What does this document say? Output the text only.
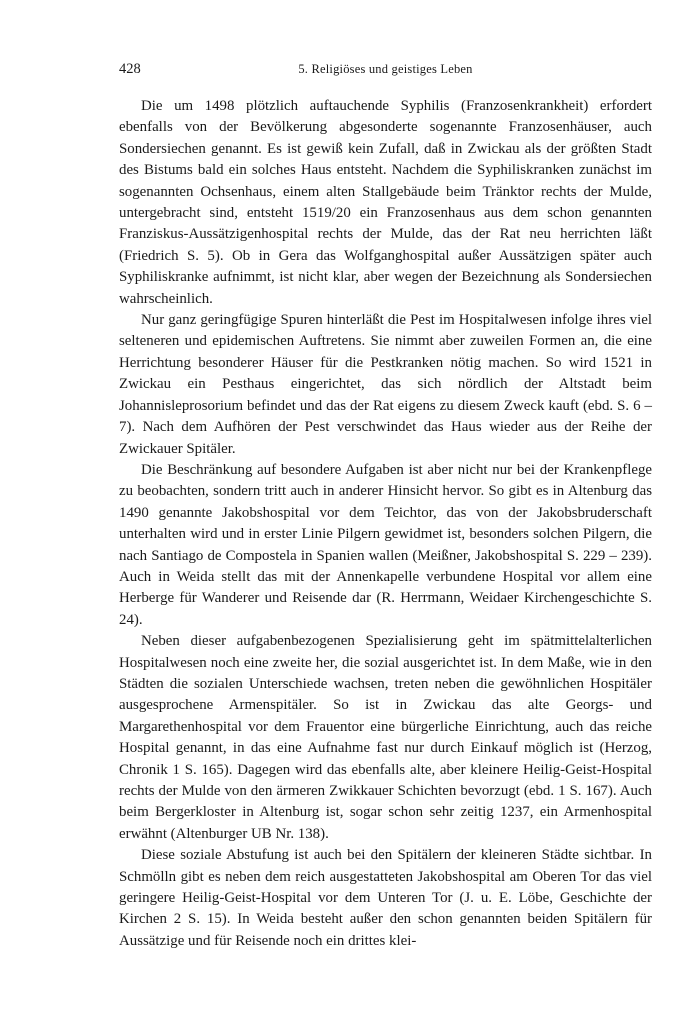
428	5. Religiöses und geistiges Leben

Die um 1498 plötzlich auftauchende Syphilis (Franzosenkrankheit) erfordert ebenfalls von der Bevölkerung abgesonderte sogenannte Franzosenhäuser, auch Sondersiechen genannt. Es ist gewiß kein Zufall, daß in Zwickau als der größten Stadt des Bistums bald ein solches Haus entsteht. Nachdem die Syphiliskranken zunächst im sogenannten Ochsenhaus, einem alten Stallgebäude beim Tränktor rechts der Mulde, untergebracht sind, entsteht 1519/20 ein Franzosenhaus aus dem schon genannten Franziskus-Aussätzigenhospital rechts der Mulde, das der Rat neu herrichten läßt (Friedrich S. 5). Ob in Gera das Wolfganghospital außer Aussätzigen später auch Syphiliskranke aufnimmt, ist nicht klar, aber wegen der Bezeichnung als Sondersiechen wahrscheinlich.

Nur ganz geringfügige Spuren hinterläßt die Pest im Hospitalwesen infolge ihres viel selteneren und epidemischen Auftretens. Sie nimmt aber zuweilen Formen an, die eine Herrichtung besonderer Häuser für die Pestkranken nötig machen. So wird 1521 in Zwickau ein Pesthaus eingerichtet, das sich nördlich der Altstadt beim Johannisleprosorium befindet und das der Rat eigens zu diesem Zweck kauft (ebd. S. 6 – 7). Nach dem Aufhören der Pest verschwindet das Haus wieder aus der Reihe der Zwickauer Spitäler.

Die Beschränkung auf besondere Aufgaben ist aber nicht nur bei der Krankenpflege zu beobachten, sondern tritt auch in anderer Hinsicht hervor. So gibt es in Altenburg das 1490 genannte Jakobshospital vor dem Teichtor, das von der Jakobsbruderschaft unterhalten wird und in erster Linie Pilgern gewidmet ist, besonders solchen Pilgern, die nach Santiago de Compostela in Spanien wallen (Meißner, Jakobshospital S. 229 – 239). Auch in Weida stellt das mit der Annenkapelle verbundene Hospital vor allem eine Herberge für Wanderer und Reisende dar (R. Herrmann, Weidaer Kirchengeschichte S. 24).

Neben dieser aufgabenbezogenen Spezialisierung geht im spätmittelalterlichen Hospitalwesen noch eine zweite her, die sozial ausgerichtet ist. In dem Maße, wie in den Städten die sozialen Unterschiede wachsen, treten neben die gewöhnlichen Hospitäler ausgesprochene Armenspitäler. So ist in Zwickau das alte Georgs- und Margarethenhospital vor dem Frauentor eine bürgerliche Einrichtung, auch das reiche Hospital genannt, in das eine Aufnahme fast nur durch Einkauf möglich ist (Herzog, Chronik 1 S. 165). Dagegen wird das ebenfalls alte, aber kleinere Heilig-Geist-Hospital rechts der Mulde von den ärmeren Zwikkauer Schichten bevorzugt (ebd. 1 S. 167). Auch beim Bergerkloster in Altenburg ist, sogar schon sehr zeitig 1237, ein Armenhospital erwähnt (Altenburger UB Nr. 138).

Diese soziale Abstufung ist auch bei den Spitälern der kleineren Städte sichtbar. In Schmölln gibt es neben dem reich ausgestatteten Jakobshospital am Oberen Tor das viel geringere Heilig-Geist-Hospital vor dem Unteren Tor (J. u. E. Löbe, Geschichte der Kirchen 2 S. 15). In Weida besteht außer den schon genannten beiden Spitälern für Aussätzige und für Reisende noch ein drittes klei-
